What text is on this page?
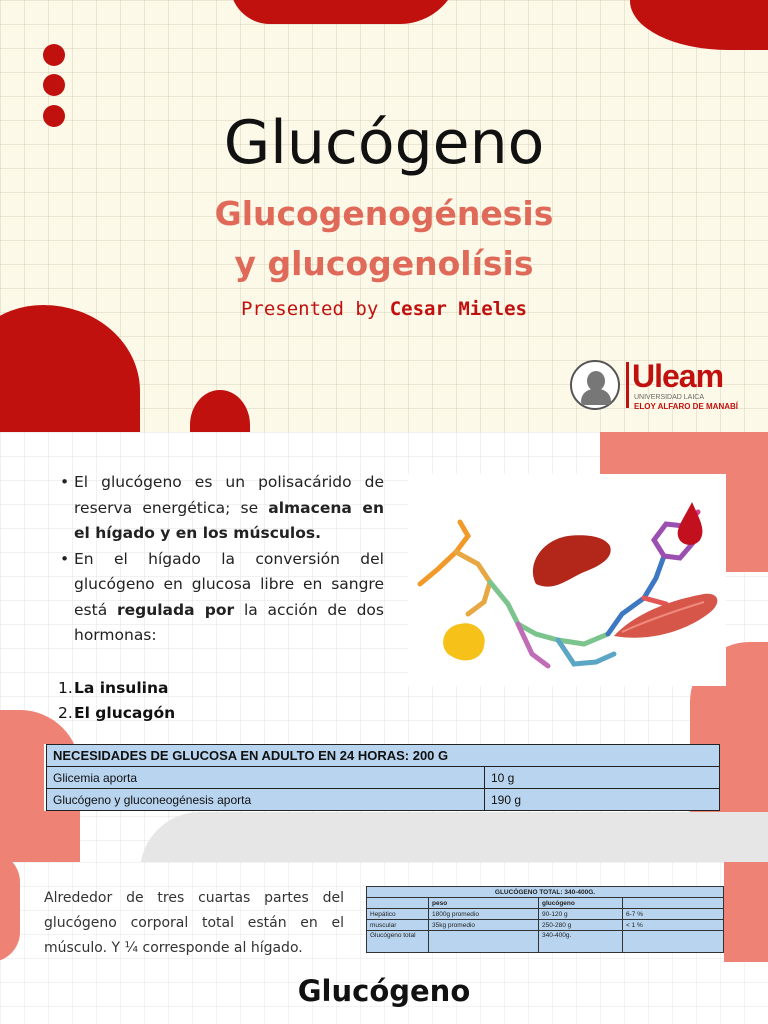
Glucógeno
Glucogenogénesis
y glucogenolísis
Presented by Cesar Mieles
Uleam
UNIVERSIDAD LAICA
ELOY ALFARO DE MANABÍ
• El glucógeno es un polisacárido de reserva energética; se almacena en el hígado y en los músculos.
• En el hígado la conversión del glucógeno en glucosa libre en sangre está regulada por la acción de dos hormonas:
1.La insulina
2.El glucagón
NECESIDADES DE GLUCOSA EN ADULTO EN 24 HORAS: 200 G	
Glicemia aporta	10 g
Glucógeno y gluconeogénesis aporta	190 g

Alrededor de tres cuartas partes del glucógeno corporal total están en el músculo. Y ¼ corresponde al hígado.

GLUCÓGENO TOTAL: 340-400G.			
	peso	glucógeno	
Hepático	1800g promedio	90-120 g	6-7 %
muscular	35kg promedio	250-280 g	< 1 %
Glucógeno total		340-400g.	
Glucógeno
